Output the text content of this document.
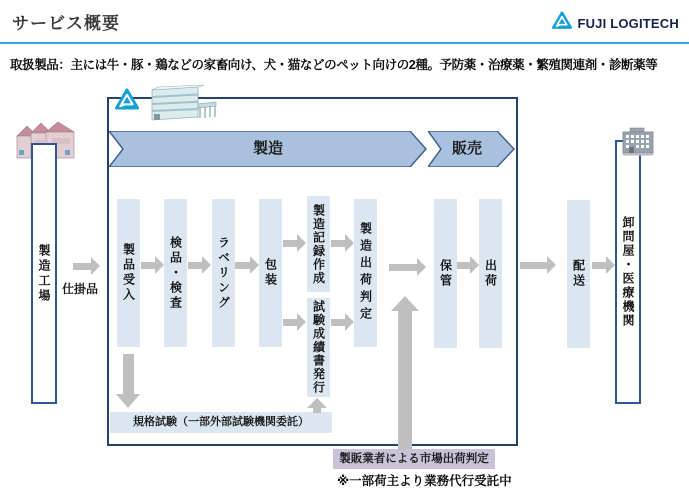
サービス概要	FUJI LOGITECH
取扱製品：主には牛・豚・鶏などの家畜向け、犬・猫などのペット向けの2種。予防薬・治療薬・繁殖関連剤・診断薬等
製造工場 仕掛品
製造	販売
製品受入	検品・検査	ラベリング	包装	製造記録作成
試験成績書発行
製造出荷判定	保管	出荷	配送
規格試験（一部外部試験機関委託）
製販業者による市場出荷判定
※一部荷主より業務代行受託中
卸問屋・医療機関
